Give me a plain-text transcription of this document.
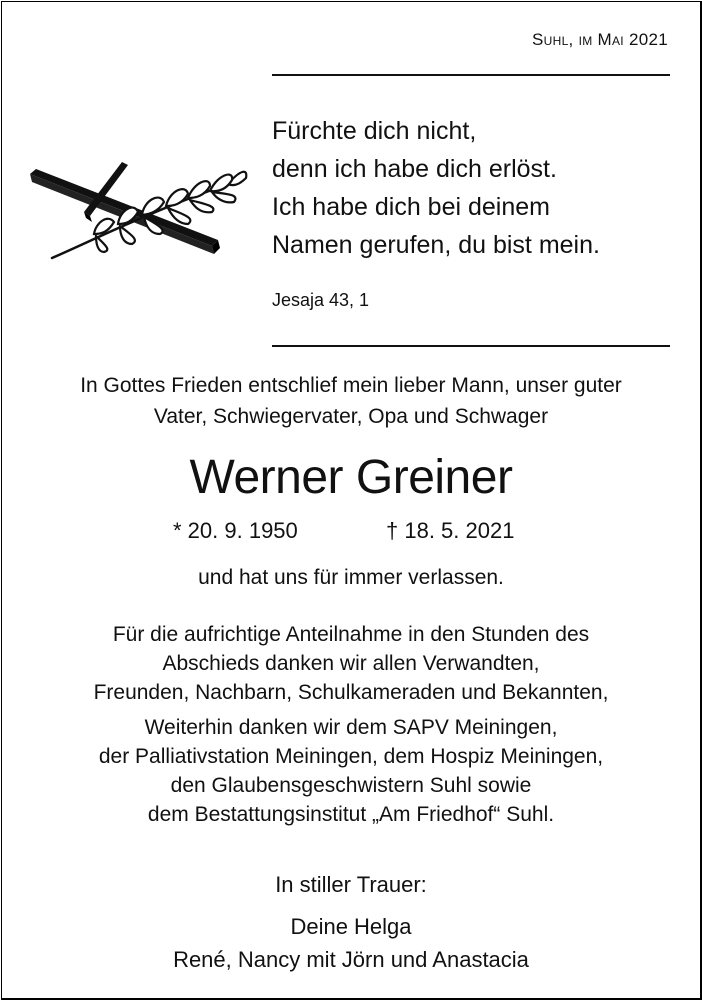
Suhl, im Mai 2021
Fürchte dich nicht,
denn ich habe dich erlöst.
Ich habe dich bei deinem
Namen gerufen, du bist mein.
Jesaja 43, 1
In Gottes Frieden entschlief mein lieber Mann, unser guter
Vater, Schwiegervater, Opa und Schwager
Werner Greiner
* 20. 9. 1950	† 18. 5. 2021
und hat uns für immer verlassen.
Für die aufrichtige Anteilnahme in den Stunden des
Abschieds danken wir allen Verwandten,
Freunden, Nachbarn, Schulkameraden und Bekannten,
Weiterhin danken wir dem SAPV Meiningen,
der Palliativstation Meiningen, dem Hospiz Meiningen,
den Glaubensgeschwistern Suhl sowie
dem Bestattungsinstitut „Am Friedhof“ Suhl.
In stiller Trauer:
Deine Helga
René, Nancy mit Jörn und Anastacia
